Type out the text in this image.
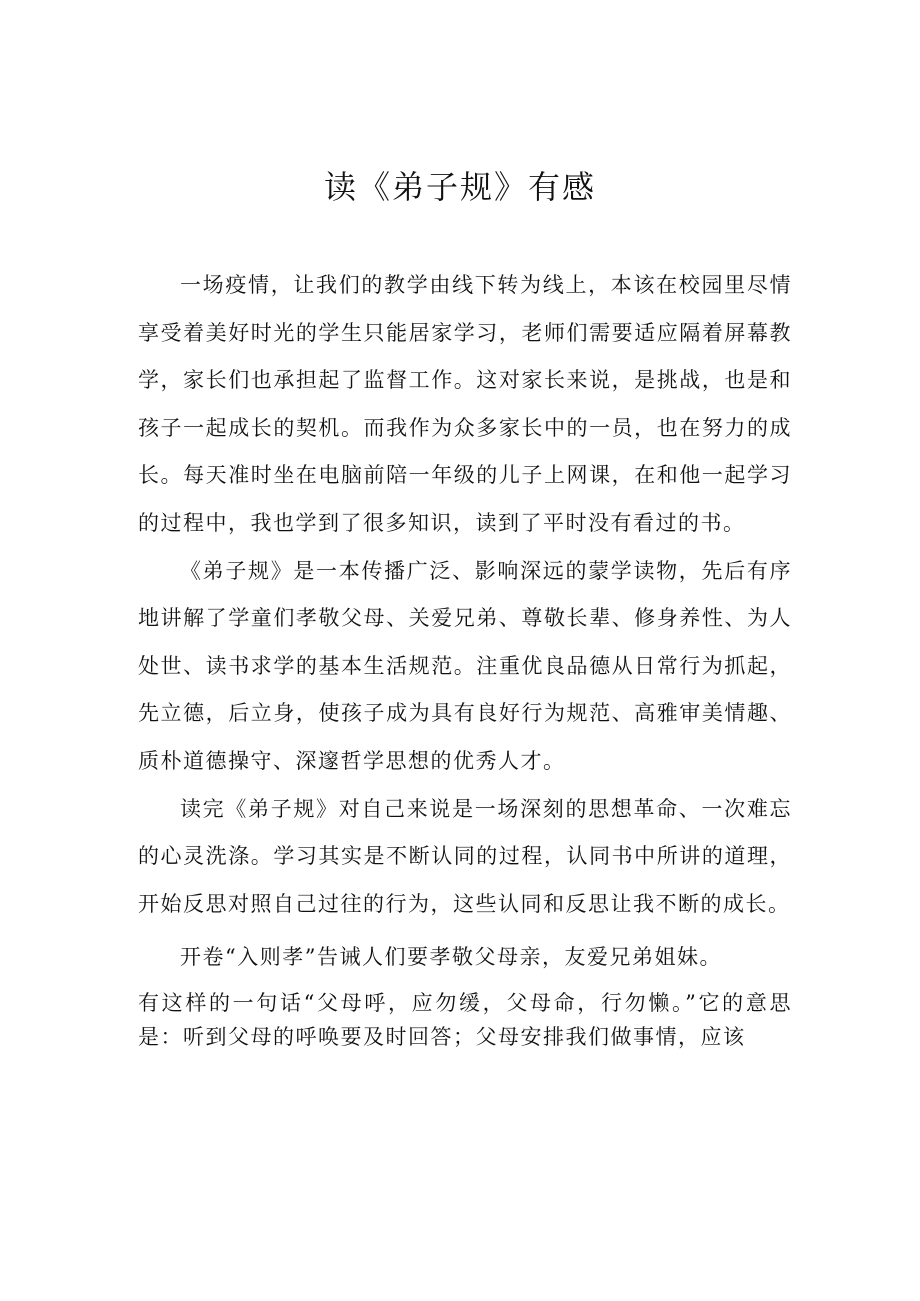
读《弟子规》有感

一场疫情，让我们的教学由线下转为线上，本该在校园里尽情享受着美好时光的学生只能居家学习，老师们需要适应隔着屏幕教学，家长们也承担起了监督工作。这对家长来说，是挑战，也是和孩子一起成长的契机。而我作为众多家长中的一员，也在努力的成长。每天准时坐在电脑前陪一年级的儿子上网课，在和他一起学习的过程中，我也学到了很多知识，读到了平时没有看过的书。

《弟子规》是一本传播广泛、影响深远的蒙学读物，先后有序地讲解了学童们孝敬父母、关爱兄弟、尊敬长辈、修身养性、为人处世、读书求学的基本生活规范。注重优良品德从日常行为抓起，先立德，后立身，使孩子成为具有良好行为规范、高雅审美情趣、质朴道德操守、深邃哲学思想的优秀人才。

读完《弟子规》对自己来说是一场深刻的思想革命、一次难忘的心灵洗涤。学习其实是不断认同的过程，认同书中所讲的道理，开始反思对照自己过往的行为，这些认同和反思让我不断的成长。

开卷“入则孝”告诫人们要孝敬父母亲，友爱兄弟姐妹。

有这样的一句话“父母呼，应勿缓，父母命，行勿懒。”它的意思是：听到父母的呼唤要及时回答；父母安排我们做事情，应该
